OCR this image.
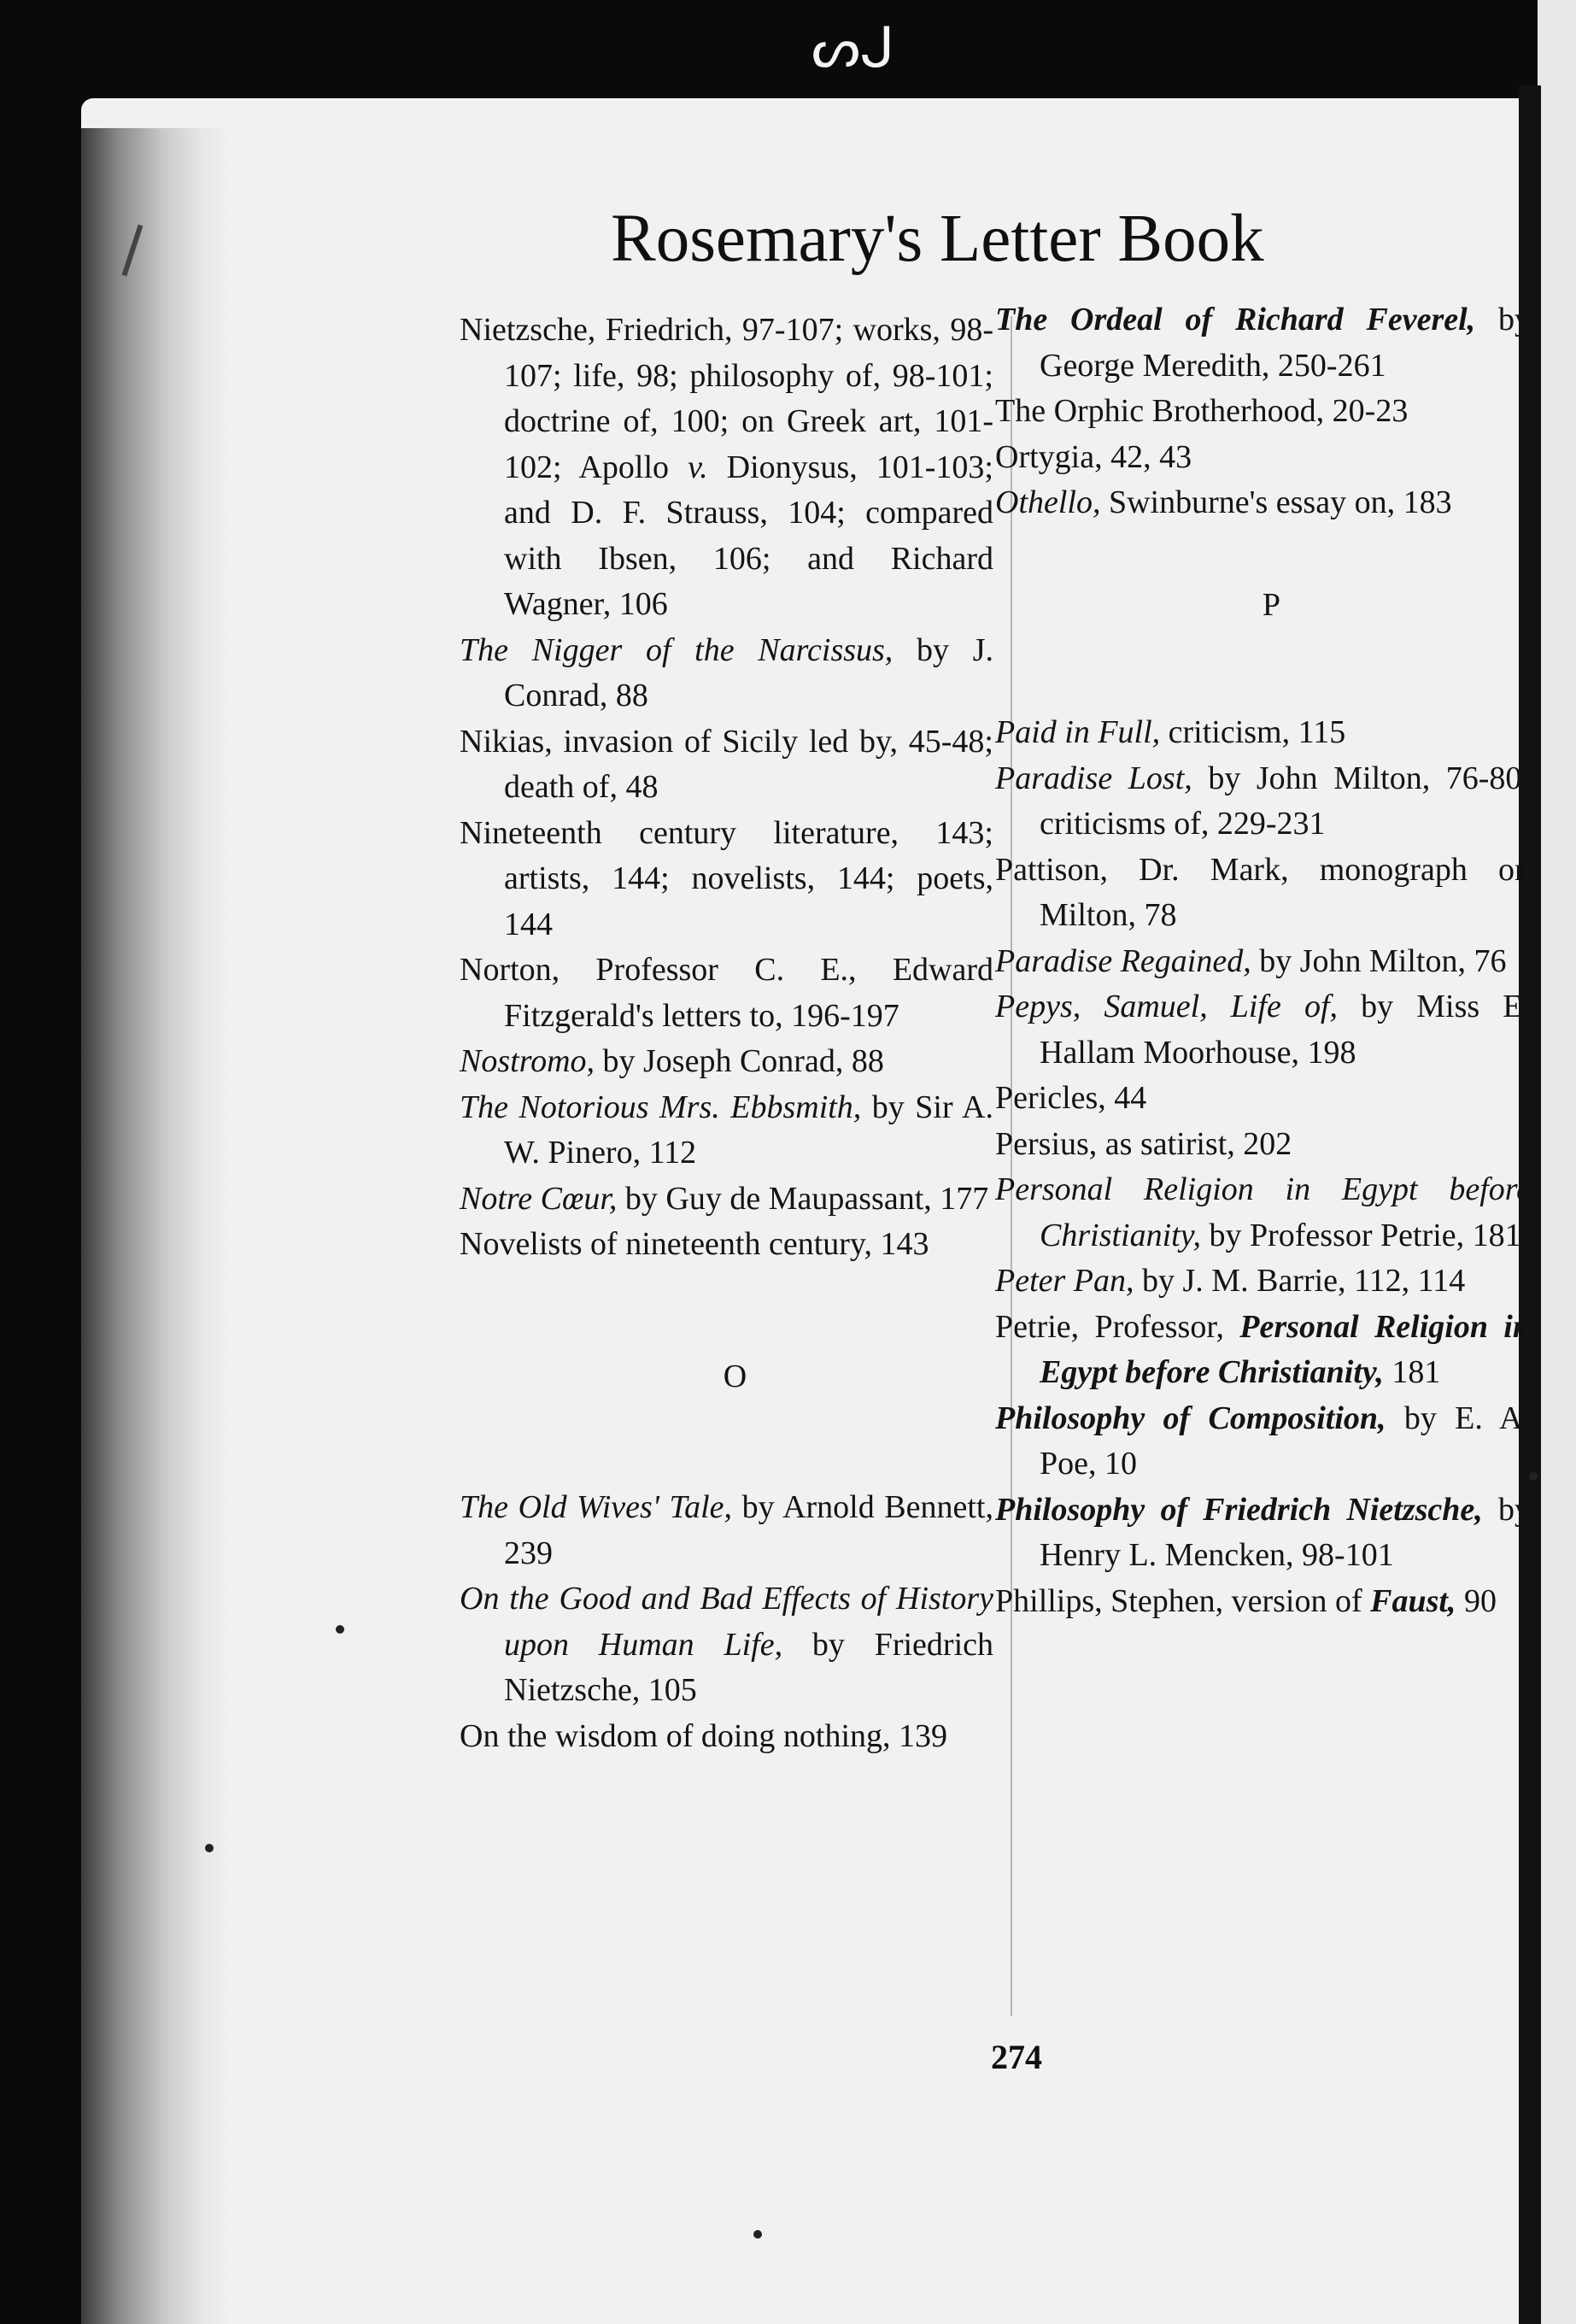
ᔕᒍ
Rosemary's Letter Book

Nietzsche, Friedrich, 97-107; works, 98-107; life, 98; philosophy of, 98-101; doctrine of, 100; on Greek art, 101-102; Apollo v. Dionysus, 101-103; and D. F. Strauss, 104; compared with Ibsen, 106; and Richard Wagner, 106

The Nigger of the Narcissus, by J. Conrad, 88

Nikias, invasion of Sicily led by, 45-48; death of, 48

Nineteenth century literature, 143; artists, 144; novelists, 144; poets, 144

Norton, Professor C. E., Edward Fitzgerald's letters to, 196-197

Nostromo, by Joseph Conrad, 88

The Notorious Mrs. Ebbsmith, by Sir A. W. Pinero, 112

Notre Cœur, by Guy de Maupassant, 177

Novelists of nineteenth century, 143

O

The Old Wives' Tale, by Arnold Bennett, 239

On the Good and Bad Effects of History upon Human Life, by Friedrich Nietzsche, 105

On the wisdom of doing nothing, 139

The Ordeal of Richard Feverel, by George Meredith, 250-261

The Orphic Brotherhood, 20-23

Ortygia, 42, 43

Othello, Swinburne's essay on, 183

P

Paid in Full, criticism, 115

Paradise Lost, by John Milton, 76-80; criticisms of, 229-231

Pattison, Dr. Mark, monograph on Milton, 78

Paradise Regained, by John Milton, 76

Pepys, Samuel, Life of, by Miss E. Hallam Moorhouse, 198

Pericles, 44

Persius, as satirist, 202

Personal Religion in Egypt before Christianity, by Professor Petrie, 181

Peter Pan, by J. M. Barrie, 112, 114

Petrie, Professor, Personal Religion in Egypt before Christianity, 181

Philosophy of Composition, by E. A. Poe, 10

Philosophy of Friedrich Nietzsche, by Henry L. Mencken, 98-101

Phillips, Stephen, version of Faust, 90

274
